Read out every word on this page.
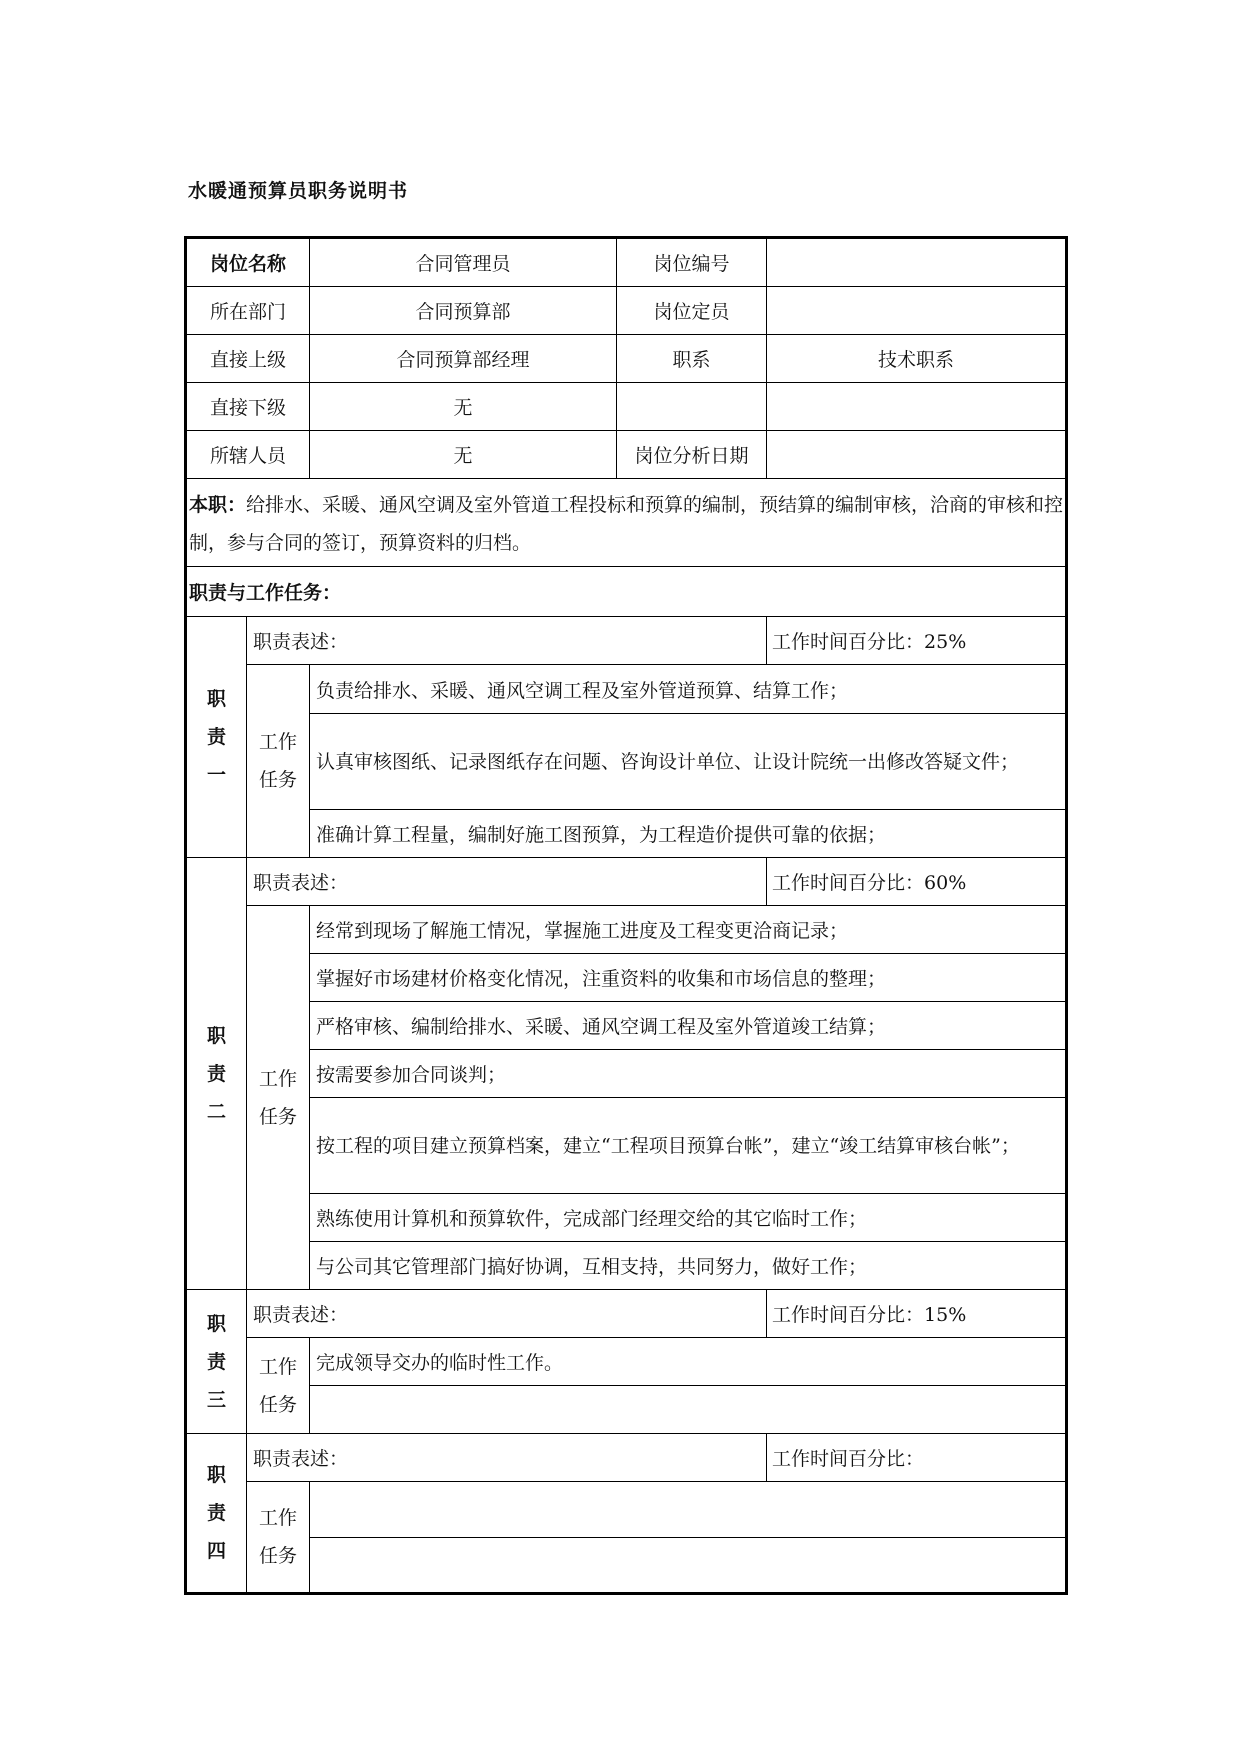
水暖通预算员职务说明书
岗位名称		合同管理员	岗位编号	
所在部门		合同预算部	岗位定员	
直接上级		合同预算部经理	职系	技术职系
直接下级		无		
所辖人员		无	岗位分析日期	
本职：给排水、采暖、通风空调及室外管道工程投标和预算的编制，预结算的编制审核，洽商的审核和控制，参与合同的签订，预算资料的归档。				
职责与工作任务：				
职责一	职责表述：			工作时间百分比：25%
	工作任务	负责给排水、采暖、通风空调工程及室外管道预算、结算工作；		
		认真审核图纸、记录图纸存在问题、咨询设计单位、让设计院统一出修改答疑文件；		
		准确计算工程量，编制好施工图预算，为工程造价提供可靠的依据；		

职责二	职责表述：			工作时间百分比：60%
	工作任务	经常到现场了解施工情况，掌握施工进度及工程变更洽商记录；		
		掌握好市场建材价格变化情况，注重资料的收集和市场信息的整理；		
		严格审核、编制给排水、采暖、通风空调工程及室外管道竣工结算；		
		按需要参加合同谈判；		
		按工程的项目建立预算档案，建立“工程项目预算台帐”，建立“竣工结算审核台帐”；		
		熟练使用计算机和预算软件，完成部门经理交给的其它临时工作；		
		与公司其它管理部门搞好协调，互相支持，共同努力，做好工作；		
职责三	职责表述：			工作时间百分比：15%
	工作任务	完成领导交办的临时性工作。		

职责四	职责表述：			工作时间百分比：
	工作任务			
